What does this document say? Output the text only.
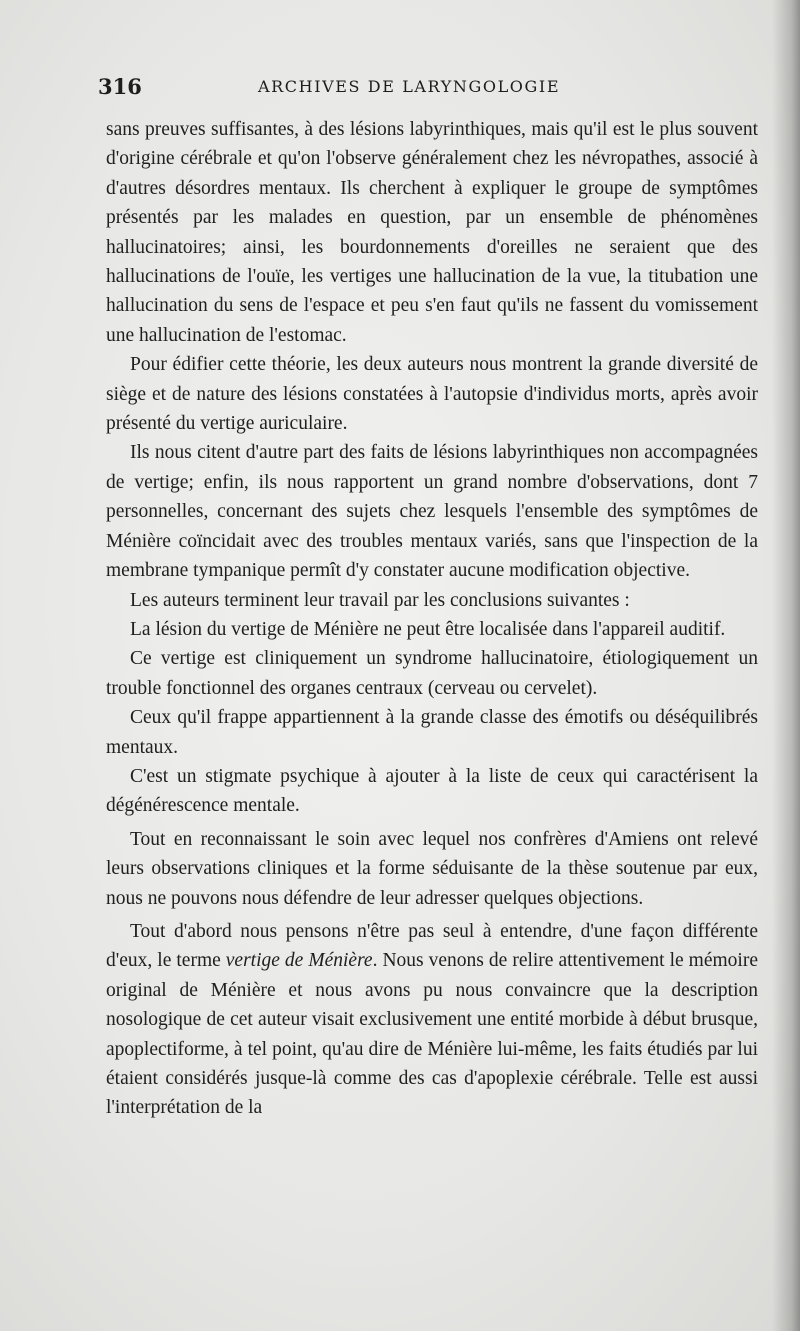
316	ARCHIVES DE LARYNGOLOGIE

sans preuves suffisantes, à des lésions labyrinthiques, mais qu'il est le plus souvent d'origine cérébrale et qu'on l'observe généralement chez les névropathes, associé à d'autres désordres mentaux. Ils cherchent à expliquer le groupe de symptômes présentés par les malades en question, par un ensemble de phénomènes hallucinatoires; ainsi, les bourdonnements d'oreilles ne seraient que des hallucinations de l'ouïe, les vertiges une hallucination de la vue, la titubation une hallucination du sens de l'espace et peu s'en faut qu'ils ne fassent du vomissement une hallucination de l'estomac.

Pour édifier cette théorie, les deux auteurs nous montrent la grande diversité de siège et de nature des lésions constatées à l'autopsie d'individus morts, après avoir présenté du vertige auriculaire.

Ils nous citent d'autre part des faits de lésions labyrinthiques non accompagnées de vertige; enfin, ils nous rapportent un grand nombre d'observations, dont 7 personnelles, concernant des sujets chez lesquels l'ensemble des symptômes de Ménière coïncidait avec des troubles mentaux variés, sans que l'inspection de la membrane tympanique permît d'y constater aucune modification objective.

Les auteurs terminent leur travail par les conclusions suivantes :

La lésion du vertige de Ménière ne peut être localisée dans l'appareil auditif.

Ce vertige est cliniquement un syndrome hallucinatoire, étiologiquement un trouble fonctionnel des organes centraux (cerveau ou cervelet).

Ceux qu'il frappe appartiennent à la grande classe des émotifs ou déséquilibrés mentaux.

C'est un stigmate psychique à ajouter à la liste de ceux qui caractérisent la dégénérescence mentale.

Tout en reconnaissant le soin avec lequel nos confrères d'Amiens ont relevé leurs observations cliniques et la forme séduisante de la thèse soutenue par eux, nous ne pouvons nous défendre de leur adresser quelques objections.

Tout d'abord nous pensons n'être pas seul à entendre, d'une façon différente d'eux, le terme vertige de Ménière. Nous venons de relire attentivement le mémoire original de Ménière et nous avons pu nous convaincre que la description nosologique de cet auteur visait exclusivement une entité morbide à début brusque, apoplectiforme, à tel point, qu'au dire de Ménière lui-même, les faits étudiés par lui étaient considérés jusque-là comme des cas d'apoplexie cérébrale. Telle est aussi l'interprétation de la
